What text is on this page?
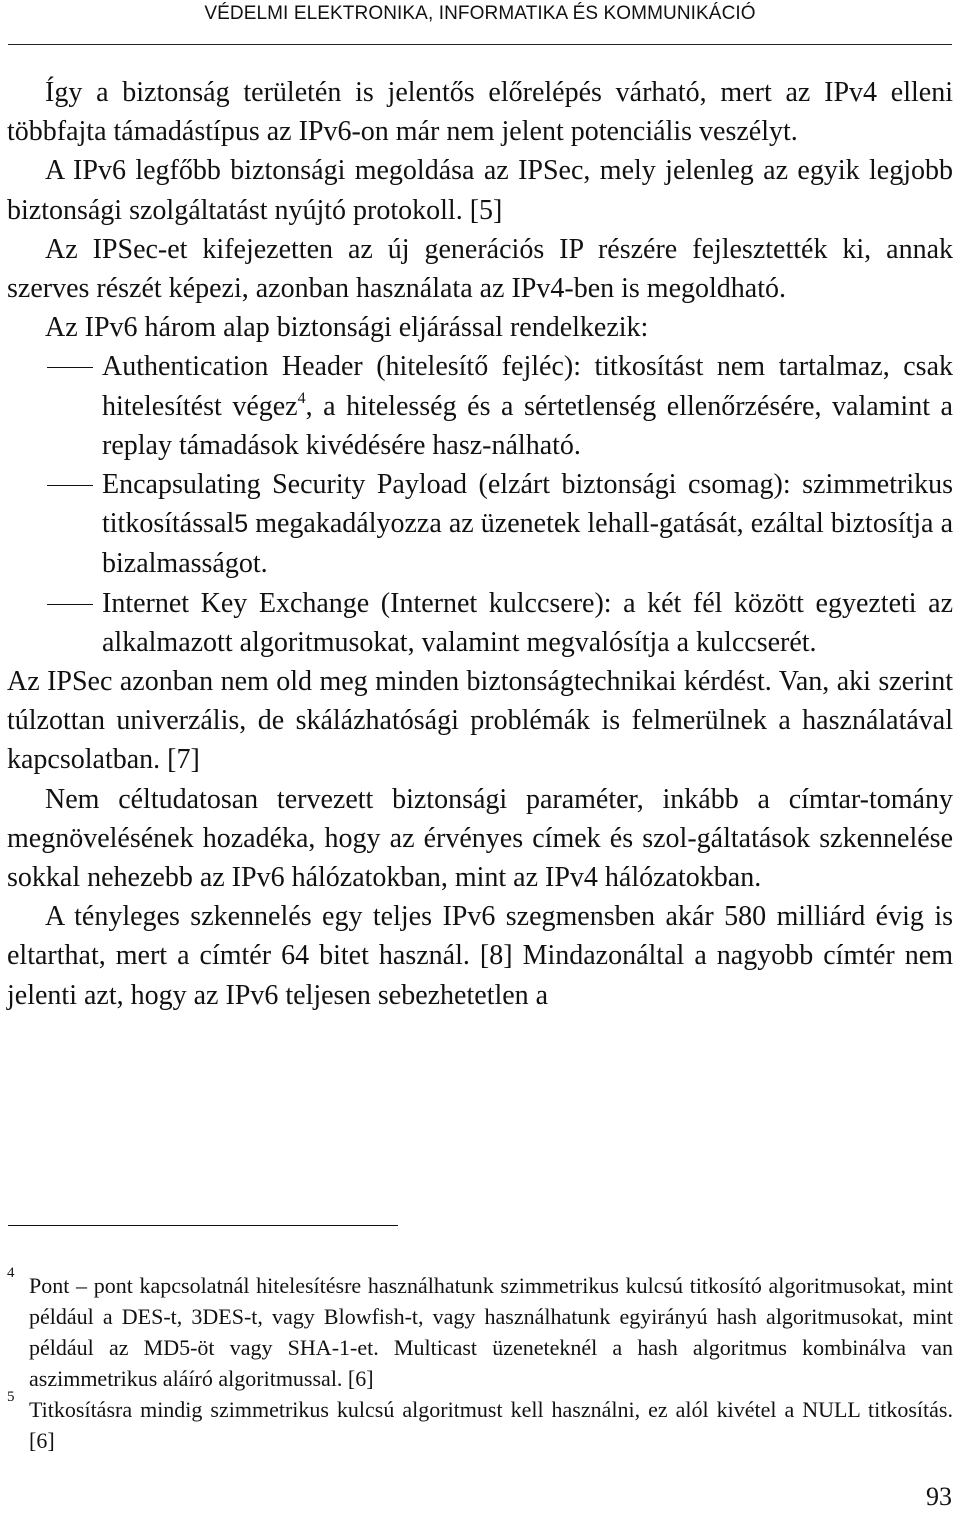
VÉDELMI ELEKTRONIKA, INFORMATIKA ÉS KOMMUNIKÁCIÓ

Így a biztonság területén is jelentős előrelépés várható, mert az IPv4 elleni többfajta támadástípus az IPv6-on már nem jelent potenciális veszélyt.

A IPv6 legfőbb biztonsági megoldása az IPSec, mely jelenleg az egyik legjobb biztonsági szolgáltatást nyújtó protokoll. [5]

Az IPSec-et kifejezetten az új generációs IP részére fejlesztették ki, annak szerves részét képezi, azonban használata az IPv4-ben is megoldható.

Az IPv6 három alap biztonsági eljárással rendelkezik:

Authentication Header (hitelesítő fejléc): titkosítást nem tartalmaz, csak hitelesítést végez$^4$, a hitelesség és a sértetlenség ellenőrzésére, valamint a replay támadások kivédésére hasz-nálható.
Encapsulating Security Payload (elzárt biztonsági csomag): szimmetrikus titkosítással5 megakadályozza az üzenetek lehall-gatását, ezáltal biztosítja a bizalmasságot.
Internet Key Exchange (Internet kulccsere): a két fél között egyezteti az alkalmazott algoritmusokat, valamint megvalósítja a kulccserét.

Az IPSec azonban nem old meg minden biztonságtechnikai kérdést. Van, aki szerint túlzottan univerzális, de skálázhatósági problémák is felmerülnek a használatával kapcsolatban. [7]

Nem céltudatosan tervezett biztonsági paraméter, inkább a címtar-tomány megnövelésének hozadéka, hogy az érvényes címek és szol-gáltatások szkennelése sokkal nehezebb az IPv6 hálózatokban, mint az IPv4 hálózatokban.

A tényleges szkennelés egy teljes IPv6 szegmensben akár 580 milliárd évig is eltarthat, mert a címtér 64 bitet használ. [8] Mindazonáltal a nagyobb címtér nem jelenti azt, hogy az IPv6 teljesen sebezhetetlen a

4 Pont – pont kapcsolatnál hitelesítésre használhatunk szimmetrikus kulcsú titkosító algoritmusokat, mint például a DES-t, 3DES-t, vagy Blowfish-t, vagy használhatunk egyirányú hash algoritmusokat, mint például az MD5-öt vagy SHA-1-et. Multicast üzeneteknél a hash algoritmus kombinálva van aszimmetrikus aláíró algoritmussal. [6]
5 Titkosításra mindig szimmetrikus kulcsú algoritmust kell használni, ez alól kivétel a NULL titkosítás. [6]
93
